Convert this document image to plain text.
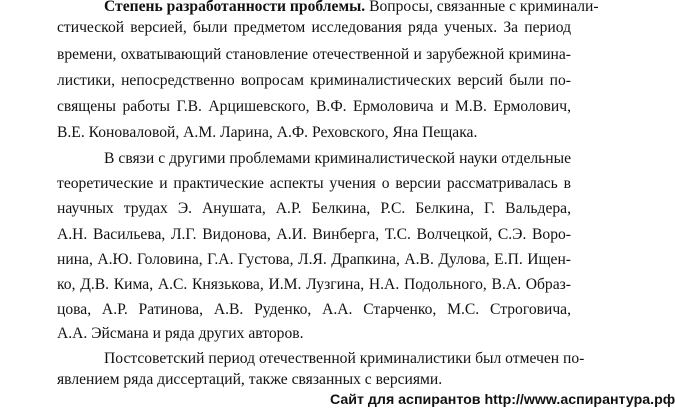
Степень разработанности проблемы. Вопросы, связанные с криминали-
стической версией, были предметом исследования ряда ученых. За период
времени, охватывающий становление отечественной и зарубежной кримина-
листики, непосредственно вопросам криминалистических версий были по-
священы работы Г.В. Арцишевского, В.Ф. Ермоловича и М.В. Ермолович,
В.Е. Коноваловой, А.М. Ларина, А.Ф. Реховского, Яна Пещака.
В связи с другими проблемами криминалистической науки отдельные
теоретические и практические аспекты учения о версии рассматривалась в
научных трудах Э. Анушата, А.Р. Белкина, Р.С. Белкина, Г. Вальдера,
А.Н. Васильева, Л.Г. Видонова, А.И. Винберга, Т.С. Волчецкой, С.Э. Воро-
нина, А.Ю. Головина, Г.А. Густова, Л.Я. Драпкина, А.В. Дулова, Е.П. Ищен-
ко, Д.В. Кима, А.С. Князькова, И.М. Лузгина, Н.А. Подольного, В.А. Образ-
цова, А.Р. Ратинова, А.В. Руденко, А.А. Старченко, М.С. Строговича,
А.А. Эйсмана и ряда других авторов.
Постсоветский период отечественной криминалистики был отмечен по-
явлением ряда диссертаций, также связанных с версиями.
Сайт для аспирантов http://www.аспирантура.рф
